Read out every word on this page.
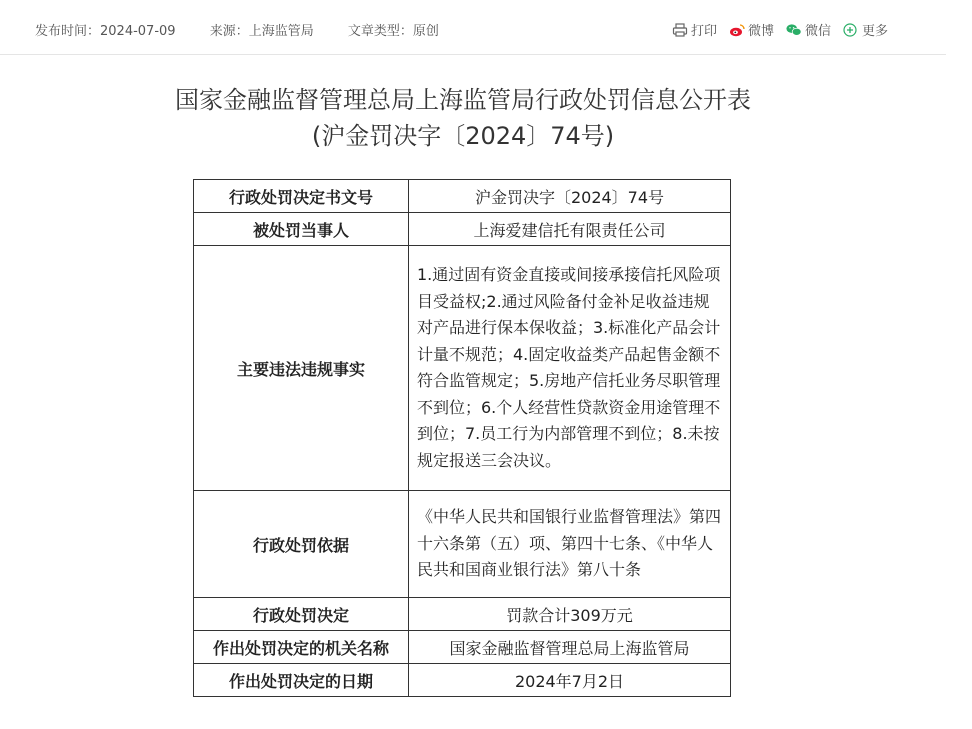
发布时间：2024-07-09	来源：上海监管局	文章类型：原创	打印 微博 微信 更多
国家金融监督管理总局上海监管局行政处罚信息公开表
(沪金罚决字〔2024〕74号)
行政处罚决定书文号	沪金罚决字〔2024〕74号
被处罚当事人	上海爱建信托有限责任公司
主要违法违规事实	1.通过固有资金直接或间接承接信托风险项目受益权;2.通过风险备付金补足收益违规对产品进行保本保收益；3.标准化产品会计计量不规范；4.固定收益类产品起售金额不符合监管规定；5.房地产信托业务尽职管理不到位；6.个人经营性贷款资金用途管理不到位；7.员工行为内部管理不到位；8.未按规定报送三会决议。
行政处罚依据	《中华人民共和国银行业监督管理法》第四十六条第（五）项、第四十七条、《中华人民共和国商业银行法》第八十条
行政处罚决定	罚款合计309万元
作出处罚决定的机关名称	国家金融监督管理总局上海监管局
作出处罚决定的日期	2024年7月2日
